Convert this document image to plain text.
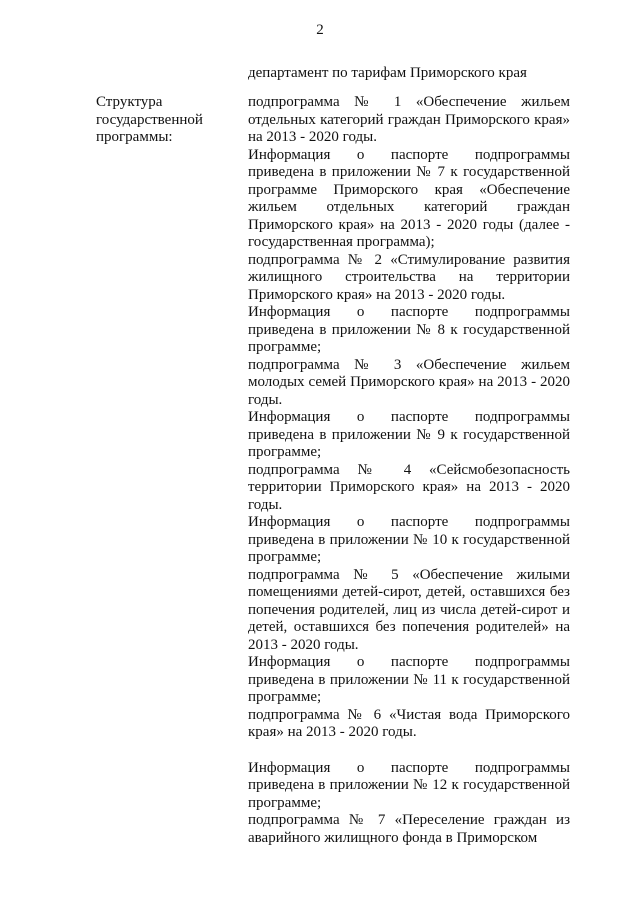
2
департамент по тарифам Приморского края
Структура государственной программы:

подпрограмма № 1 «Обеспечение жильем отдельных категорий граждан Приморского края» на 2013 - 2020 годы.

Информация о паспорте подпрограммы приведена в приложении № 7 к государственной программе Приморского края «Обеспечение жильем отдельных категорий граждан Приморского края» на 2013 - 2020 годы (далее - государственная программа);

подпрограмма № 2 «Стимулирование развития жилищного строительства на территории Приморского края» на 2013 - 2020 годы.

Информация о паспорте подпрограммы приведена в приложении № 8 к государственной программе;

подпрограмма № 3 «Обеспечение жильем молодых семей Приморского края» на 2013 - 2020 годы.

Информация о паспорте подпрограммы приведена в приложении № 9 к государственной программе;

подпрограмма № 4 «Сейсмобезопасность территории Приморского края» на 2013 - 2020 годы.

Информация о паспорте подпрограммы приведена в приложении № 10 к государственной программе;

подпрограмма № 5 «Обеспечение жилыми помещениями детей-сирот, детей, оставшихся без попечения родителей, лиц из числа детей-сирот и детей, оставшихся без попечения родителей» на 2013 - 2020 годы.

Информация о паспорте подпрограммы приведена в приложении № 11 к государственной программе;

подпрограмма № 6 «Чистая вода Приморского края» на 2013 - 2020 годы.

Информация о паспорте подпрограммы приведена в приложении № 12 к государственной программе;

подпрограмма № 7 «Переселение граждан из аварийного жилищного фонда в Приморском
